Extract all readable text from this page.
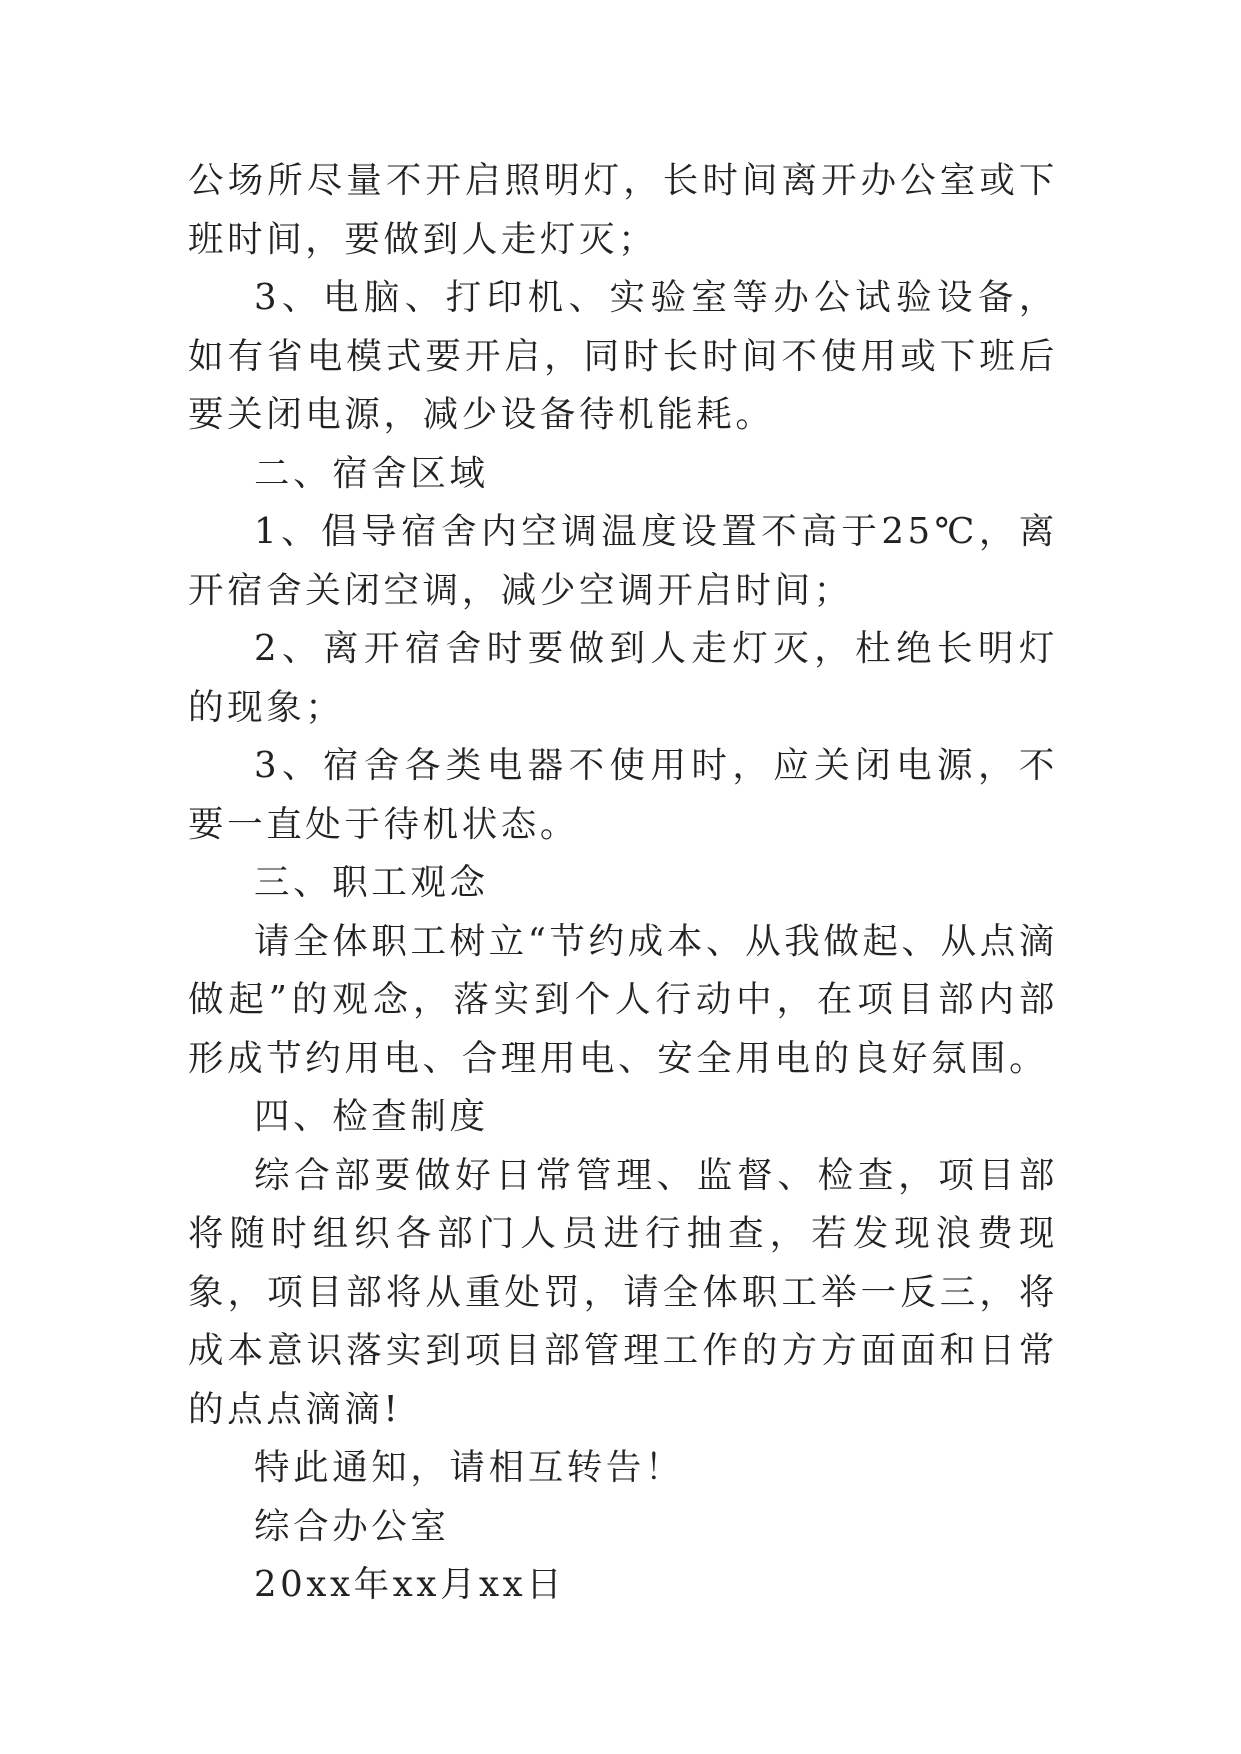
公场所尽量不开启照明灯，长时间离开办公室或下班时间，要做到人走灯灭；

3、电脑、打印机、实验室等办公试验设备，如有省电模式要开启，同时长时间不使用或下班后要关闭电源，减少设备待机能耗。

二、宿舍区域

1、倡导宿舍内空调温度设置不高于25℃，离开宿舍关闭空调，减少空调开启时间；

2、离开宿舍时要做到人走灯灭，杜绝长明灯的现象；

3、宿舍各类电器不使用时，应关闭电源，不要一直处于待机状态。

三、职工观念

请全体职工树立“节约成本、从我做起、从点滴做起”的观念，落实到个人行动中，在项目部内部形成节约用电、合理用电、安全用电的良好氛围。

四、检查制度

综合部要做好日常管理、监督、检查，项目部将随时组织各部门人员进行抽查，若发现浪费现象，项目部将从重处罚，请全体职工举一反三，将成本意识落实到项目部管理工作的方方面面和日常的点点滴滴!

特此通知，请相互转告！

综合办公室

20xx年xx月xx日
